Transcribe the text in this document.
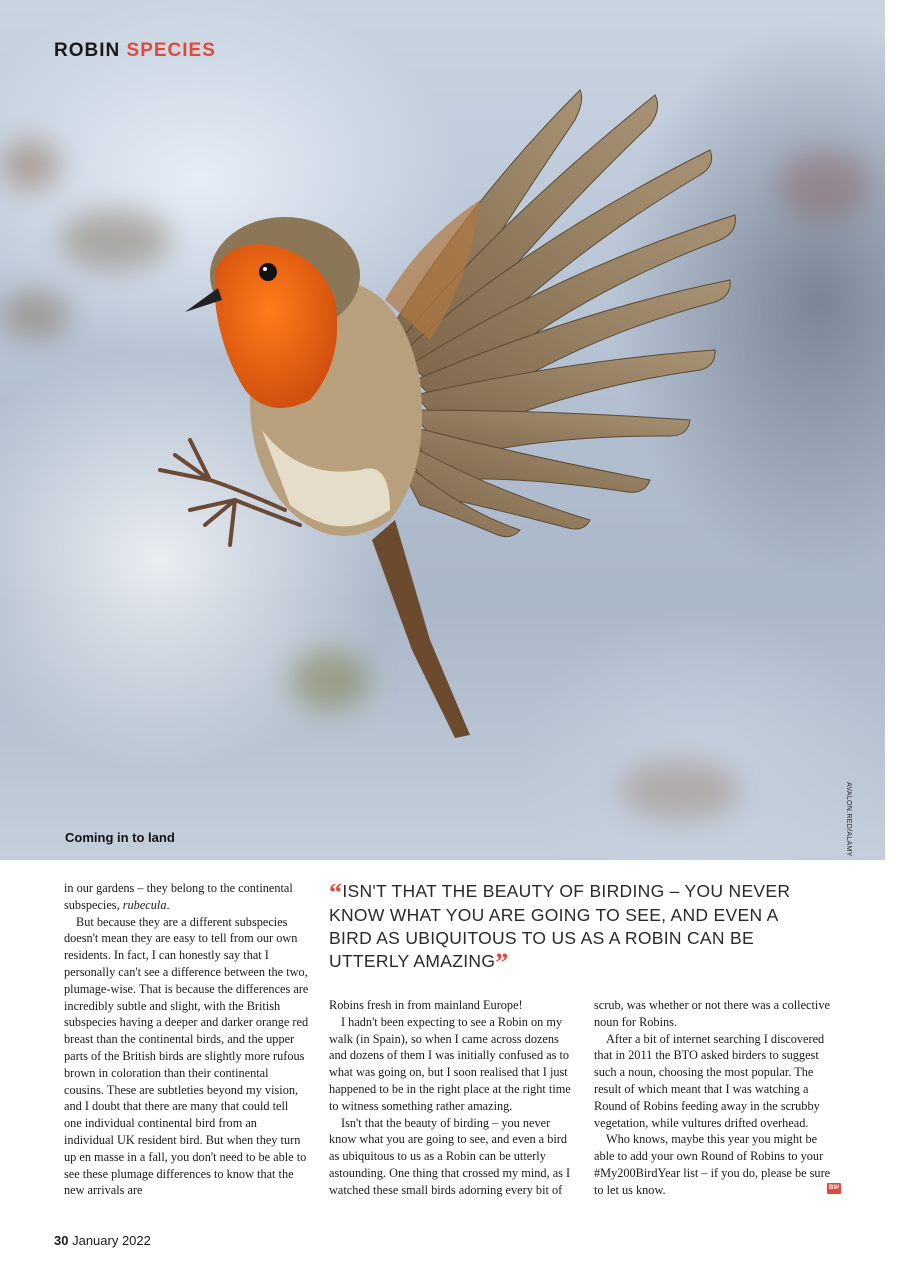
ROBIN SPECIES
Coming in to land	AVALON.RED/ALAMY

in our gardens – they belong to the continental subspecies, rubecula.

But because they are a different subspecies doesn't mean they are easy to tell from our own residents. In fact, I can honestly say that I personally can't see a difference between the two, plumage-wise. That is because the differences are incredibly subtle and slight, with the British subspecies having a deeper and darker orange red breast than the continental birds, and the upper parts of the British birds are slightly more rufous brown in coloration than their continental cousins. These are subtleties beyond my vision, and I doubt that there are many that could tell one individual continental bird from an individual UK resident bird. But when they turn up en masse in a fall, you don't need to be able to see these plumage differences to know that the new arrivals are

“ISN'T THAT THE BEAUTY OF BIRDING – YOU NEVER KNOW WHAT YOU ARE GOING TO SEE, AND EVEN A BIRD AS UBIQUITOUS TO US AS A ROBIN CAN BE UTTERLY AMAZING”

Robins fresh in from mainland Europe!

I hadn't been expecting to see a Robin on my walk (in Spain), so when I came across dozens and dozens of them I was initially confused as to what was going on, but I soon realised that I just happened to be in the right place at the right time to witness something rather amazing.

Isn't that the beauty of birding – you never know what you are going to see, and even a bird as ubiquitous to us as a Robin can be utterly astounding. One thing that crossed my mind, as I watched these small birds adorning every bit of

scrub, was whether or not there was a collective noun for Robins.

After a bit of internet searching I discovered that in 2011 the BTO asked birders to suggest such a noun, choosing the most popular. The result of which meant that I was watching a Round of Robins feeding away in the scrubby vegetation, while vultures drifted overhead.

Who knows, maybe this year you might be able to add your own Round of Robins to your #My200BirdYear list – if you do, please be sure to let us know.	BW
30 January 2022
